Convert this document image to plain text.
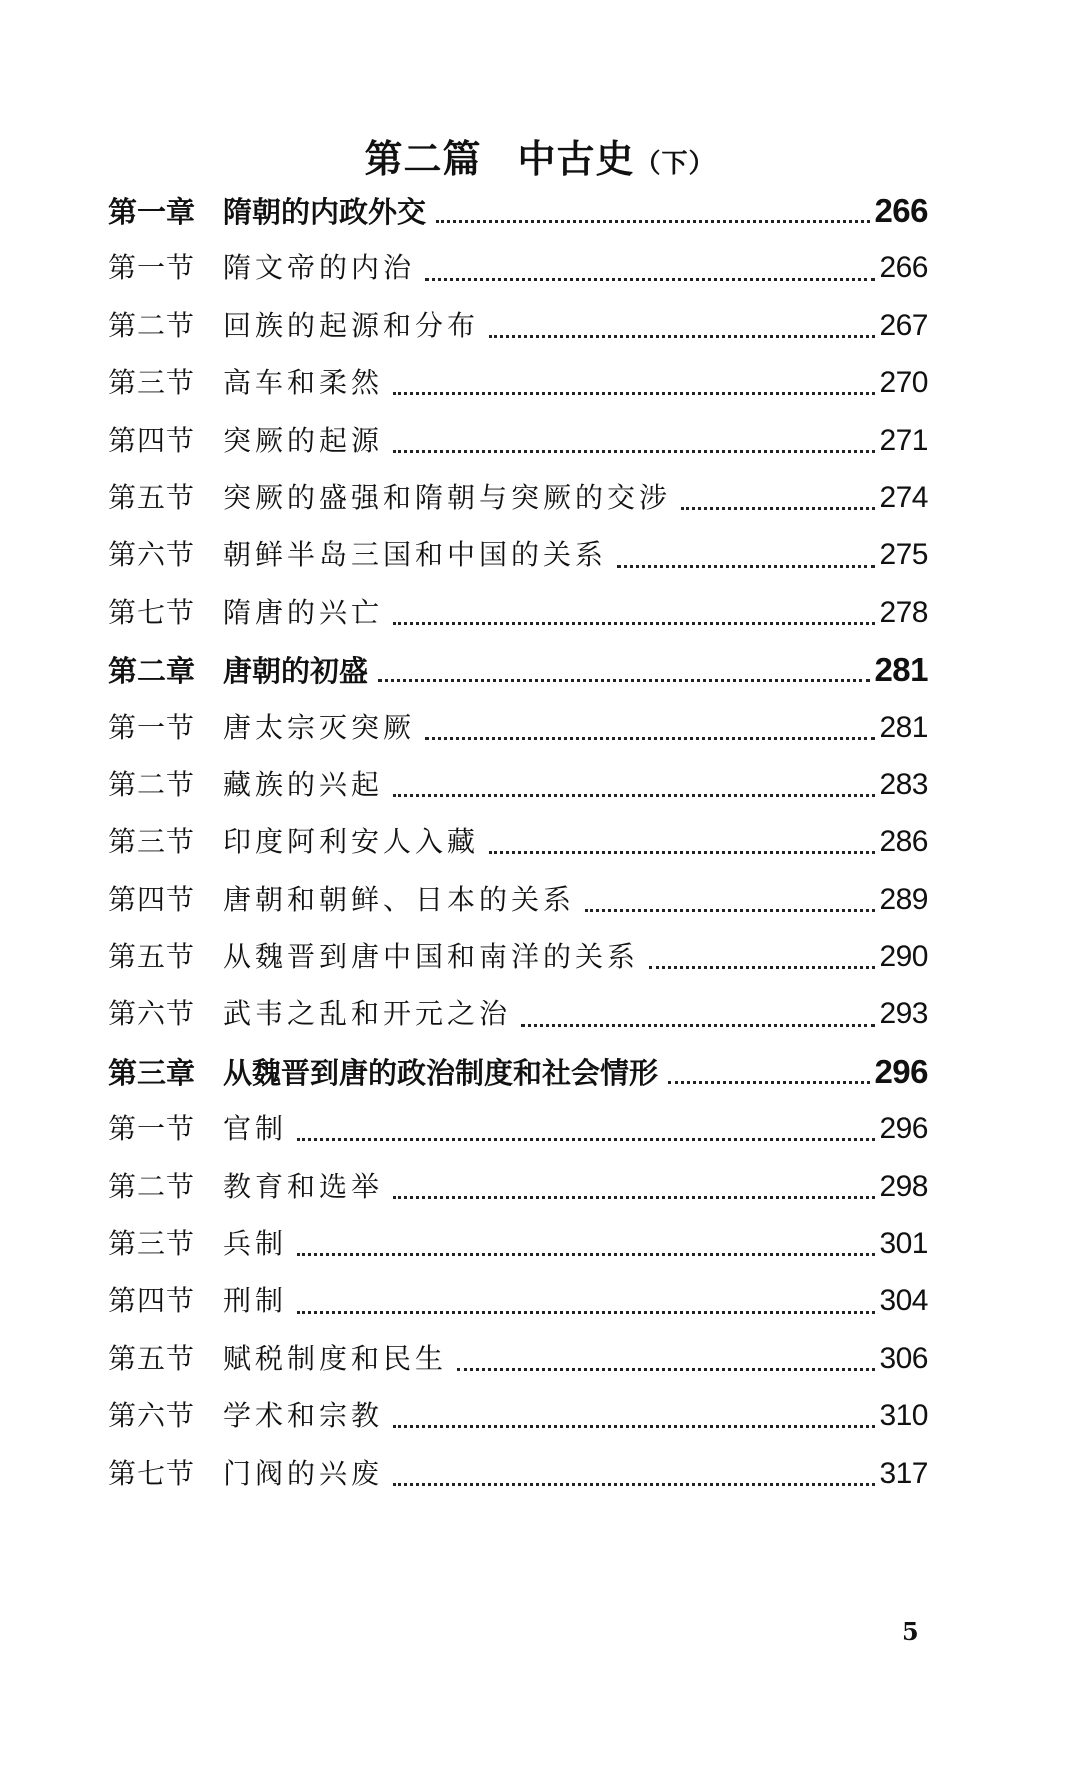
第二篇 中古史（下）
第一章 隋朝的内政外交	266
第一节 隋文帝的内治	266
第二节 回族的起源和分布	267
第三节 高车和柔然	270
第四节 突厥的起源	271
第五节 突厥的盛强和隋朝与突厥的交涉	274
第六节 朝鲜半岛三国和中国的关系	275
第七节 隋唐的兴亡	278
第二章 唐朝的初盛	281
第一节 唐太宗灭突厥	281
第二节 藏族的兴起	283
第三节 印度阿利安人入藏	286
第四节 唐朝和朝鲜、日本的关系	289
第五节 从魏晋到唐中国和南洋的关系	290
第六节 武韦之乱和开元之治	293
第三章 从魏晋到唐的政治制度和社会情形	296
第一节 官制	296
第二节 教育和选举	298
第三节 兵制	301
第四节 刑制	304
第五节 赋税制度和民生	306
第六节 学术和宗教	310
第七节 门阀的兴废	317
5
